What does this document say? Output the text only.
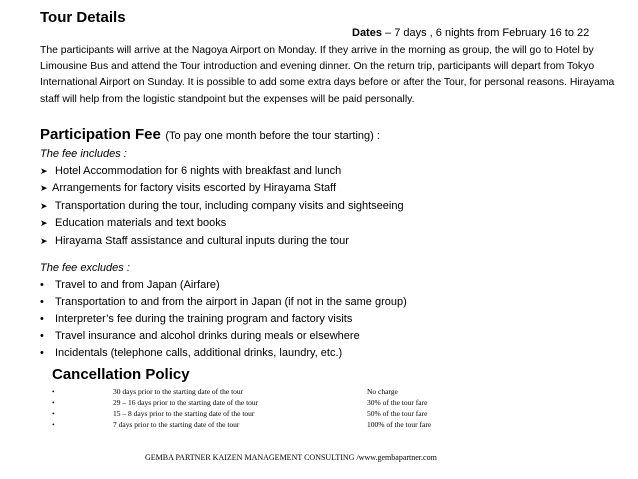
Tour Details
Dates – 7 days , 6 nights from February 16 to 22

The participants will arrive at the Nagoya Airport on Monday. If they arrive in the morning as group, the will go to Hotel by Limousine Bus and attend the Tour introduction and evening dinner. On the return trip, participants will depart from Tokyo International Airport on Sunday. It is possible to add some extra days before or after the Tour, for personal reasons. Hirayama staff will help from the logistic standpoint but the expenses will be paid personally.

Participation Fee (To pay one month before the tour starting) :
The fee includes :
➤ Hotel Accommodation for 6 nights with breakfast and lunch
➤ Arrangements for factory visits escorted by Hirayama Staff
➤ Transportation during the tour, including company visits and sightseeing
➤ Education materials and text books
➤ Hirayama Staff assistance and cultural inputs during the tour
The fee excludes :
• Travel to and from Japan (Airfare)
• Transportation to and from the airport in Japan (if not in the same group)
• Interpreter’s fee during the training program and factory visits
• Travel insurance and alcohol drinks during meals or elsewhere
• Incidentals (telephone calls, additional drinks, laundry, etc.)
Cancellation Policy
•	30 days prior to the starting date of the tour	No charge
•	29 – 16 days prior to the starting date of the tour	30% of the tour fare
•	15 – 8 days prior to the starting date of the tour	50% of the tour fare
•	7 days prior to the starting date of the tour	100% of the tour fare
GEMBA PARTNER KAIZEN MANAGEMENT CONSULTING /www.gembapartner.com
